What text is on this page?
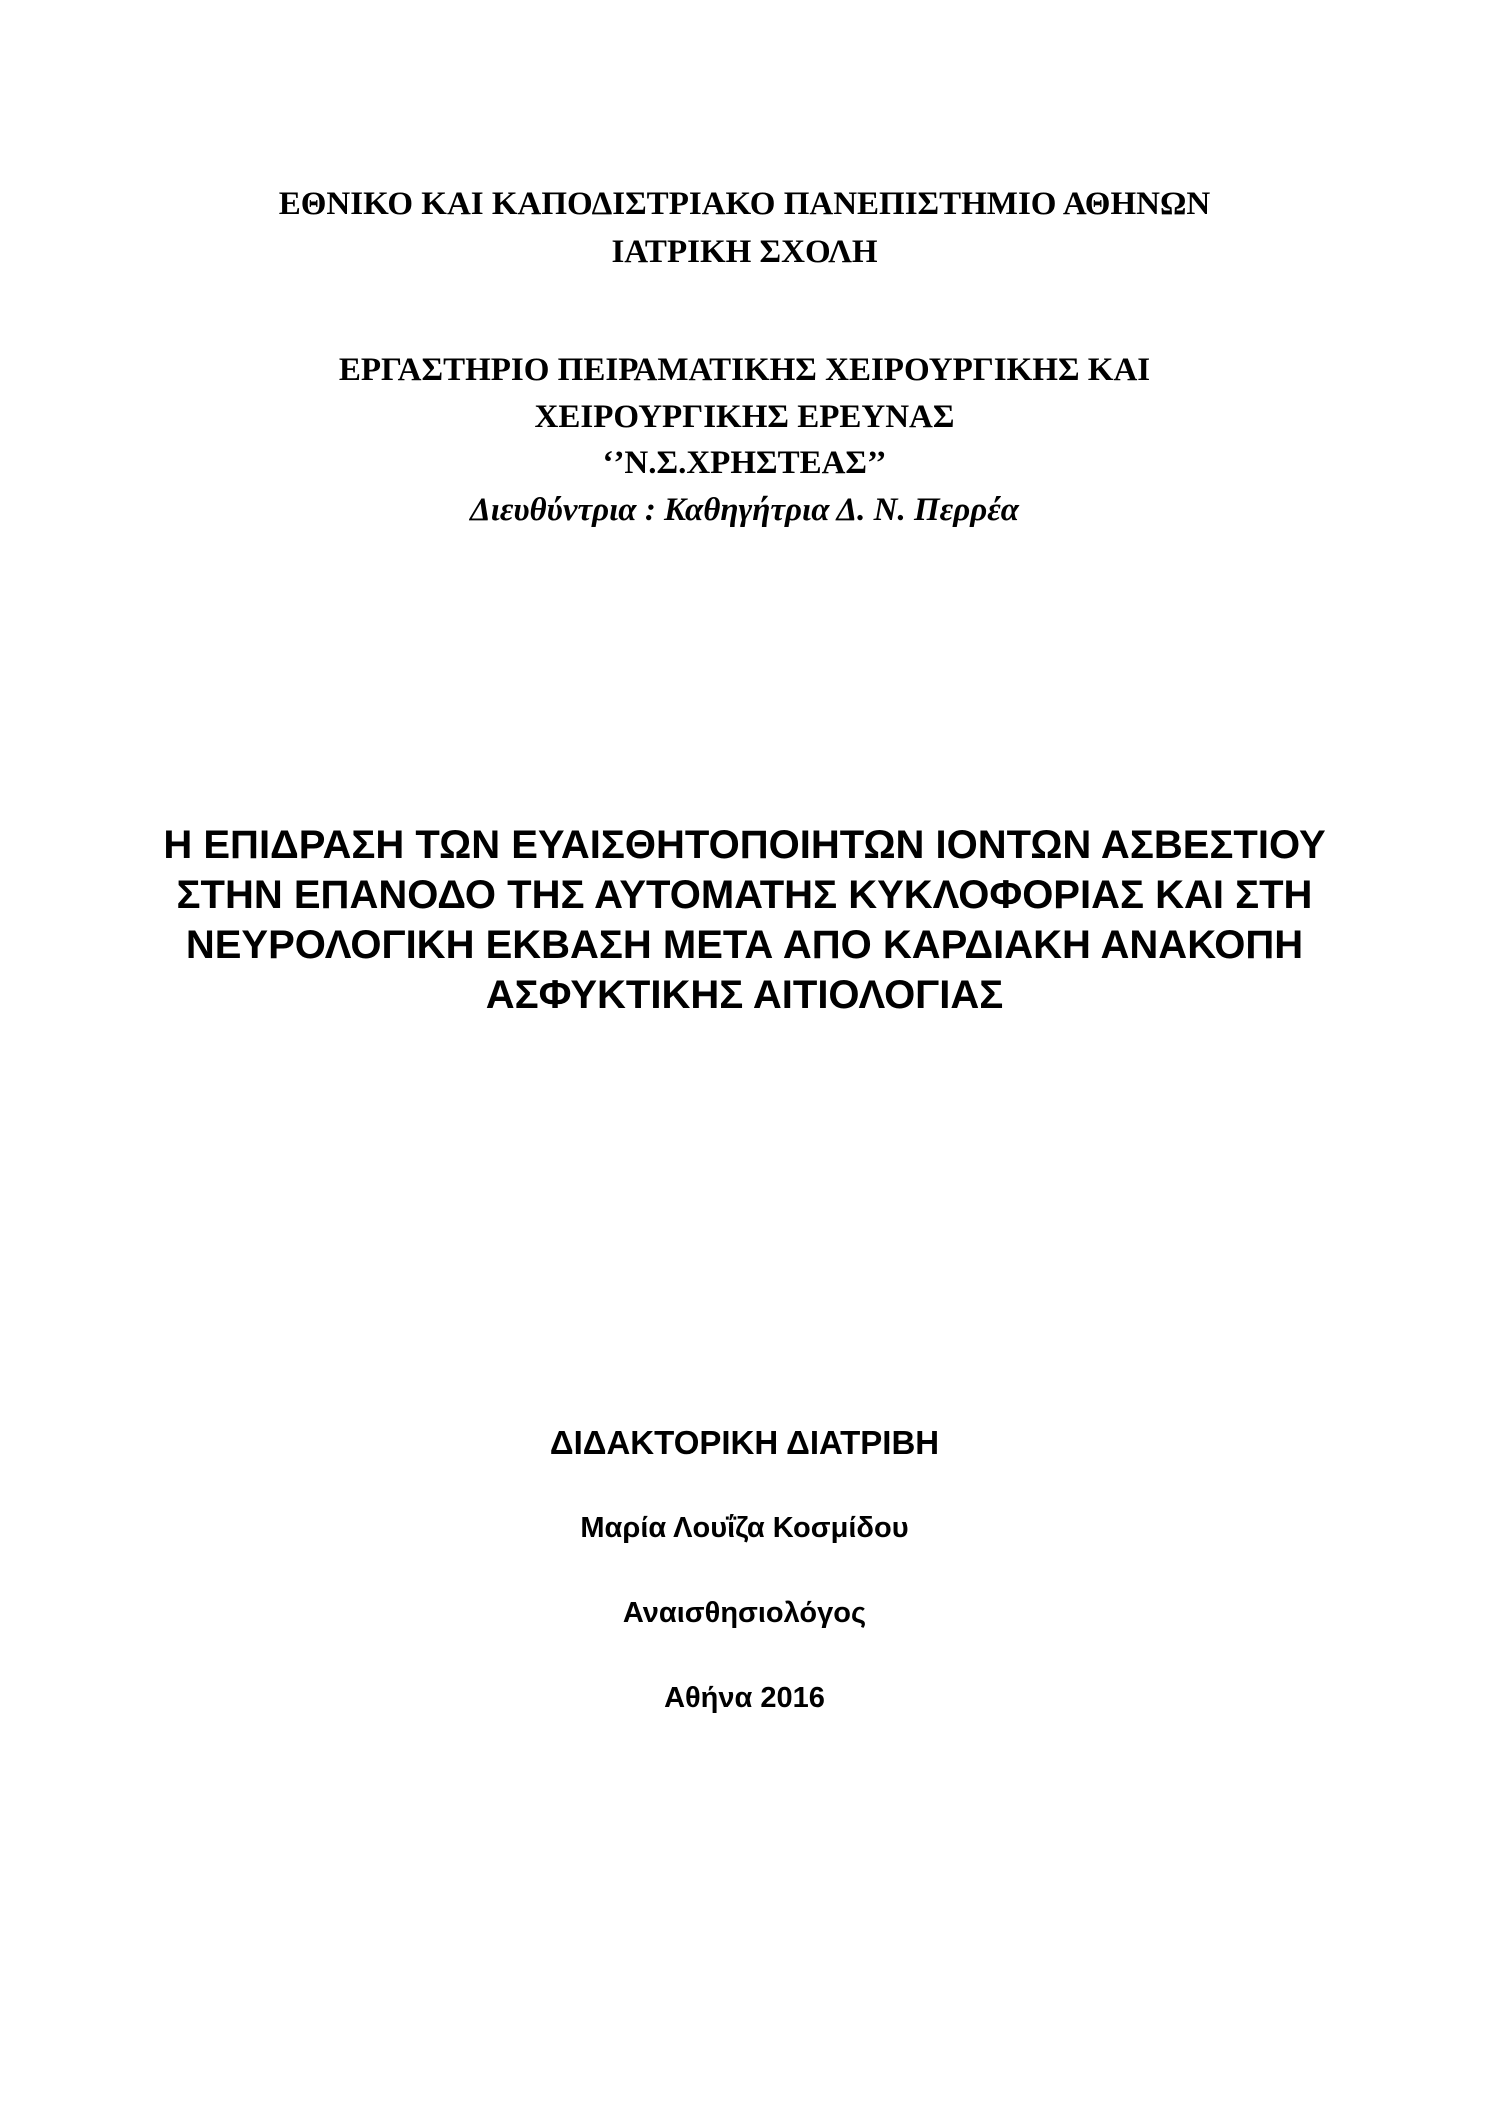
ΕΘΝΙΚΟ ΚΑΙ ΚΑΠΟΔΙΣΤΡΙΑΚΟ ΠΑΝΕΠΙΣΤΗΜΙΟ ΑΘΗΝΩΝ
ΙΑΤΡΙΚΗ ΣΧΟΛΗ
ΕΡΓΑΣΤΗΡΙΟ ΠΕΙΡΑΜΑΤΙΚΗΣ ΧΕΙΡΟΥΡΓΙΚΗΣ ΚΑΙ
ΧΕΙΡΟΥΡΓΙΚΗΣ ΕΡΕΥΝΑΣ
‘’Ν.Σ.ΧΡΗΣΤΕΑΣ’’
Διευθύντρια : Καθηγήτρια Δ. Ν. Περρέα
Η ΕΠΙΔΡΑΣΗ ΤΩΝ ΕΥΑΙΣΘΗΤΟΠΟΙΗΤΩΝ ΙΟΝΤΩΝ ΑΣΒΕΣΤΙΟΥ
ΣΤΗΝ ΕΠΑΝΟΔΟ ΤΗΣ ΑΥΤΟΜΑΤΗΣ ΚΥΚΛΟΦΟΡΙΑΣ ΚΑΙ ΣΤΗ
ΝΕΥΡΟΛΟΓΙΚΗ ΕΚΒΑΣΗ ΜΕΤΑ ΑΠΟ ΚΑΡΔΙΑΚΗ ΑΝΑΚΟΠΗ
ΑΣΦΥΚΤΙΚΗΣ ΑΙΤΙΟΛΟΓΙΑΣ
ΔΙΔΑΚΤΟΡΙΚΗ ΔΙΑΤΡΙΒΗ
Μαρία Λουΐζα Κοσμίδου
Αναισθησιολόγος
Αθήνα 2016
